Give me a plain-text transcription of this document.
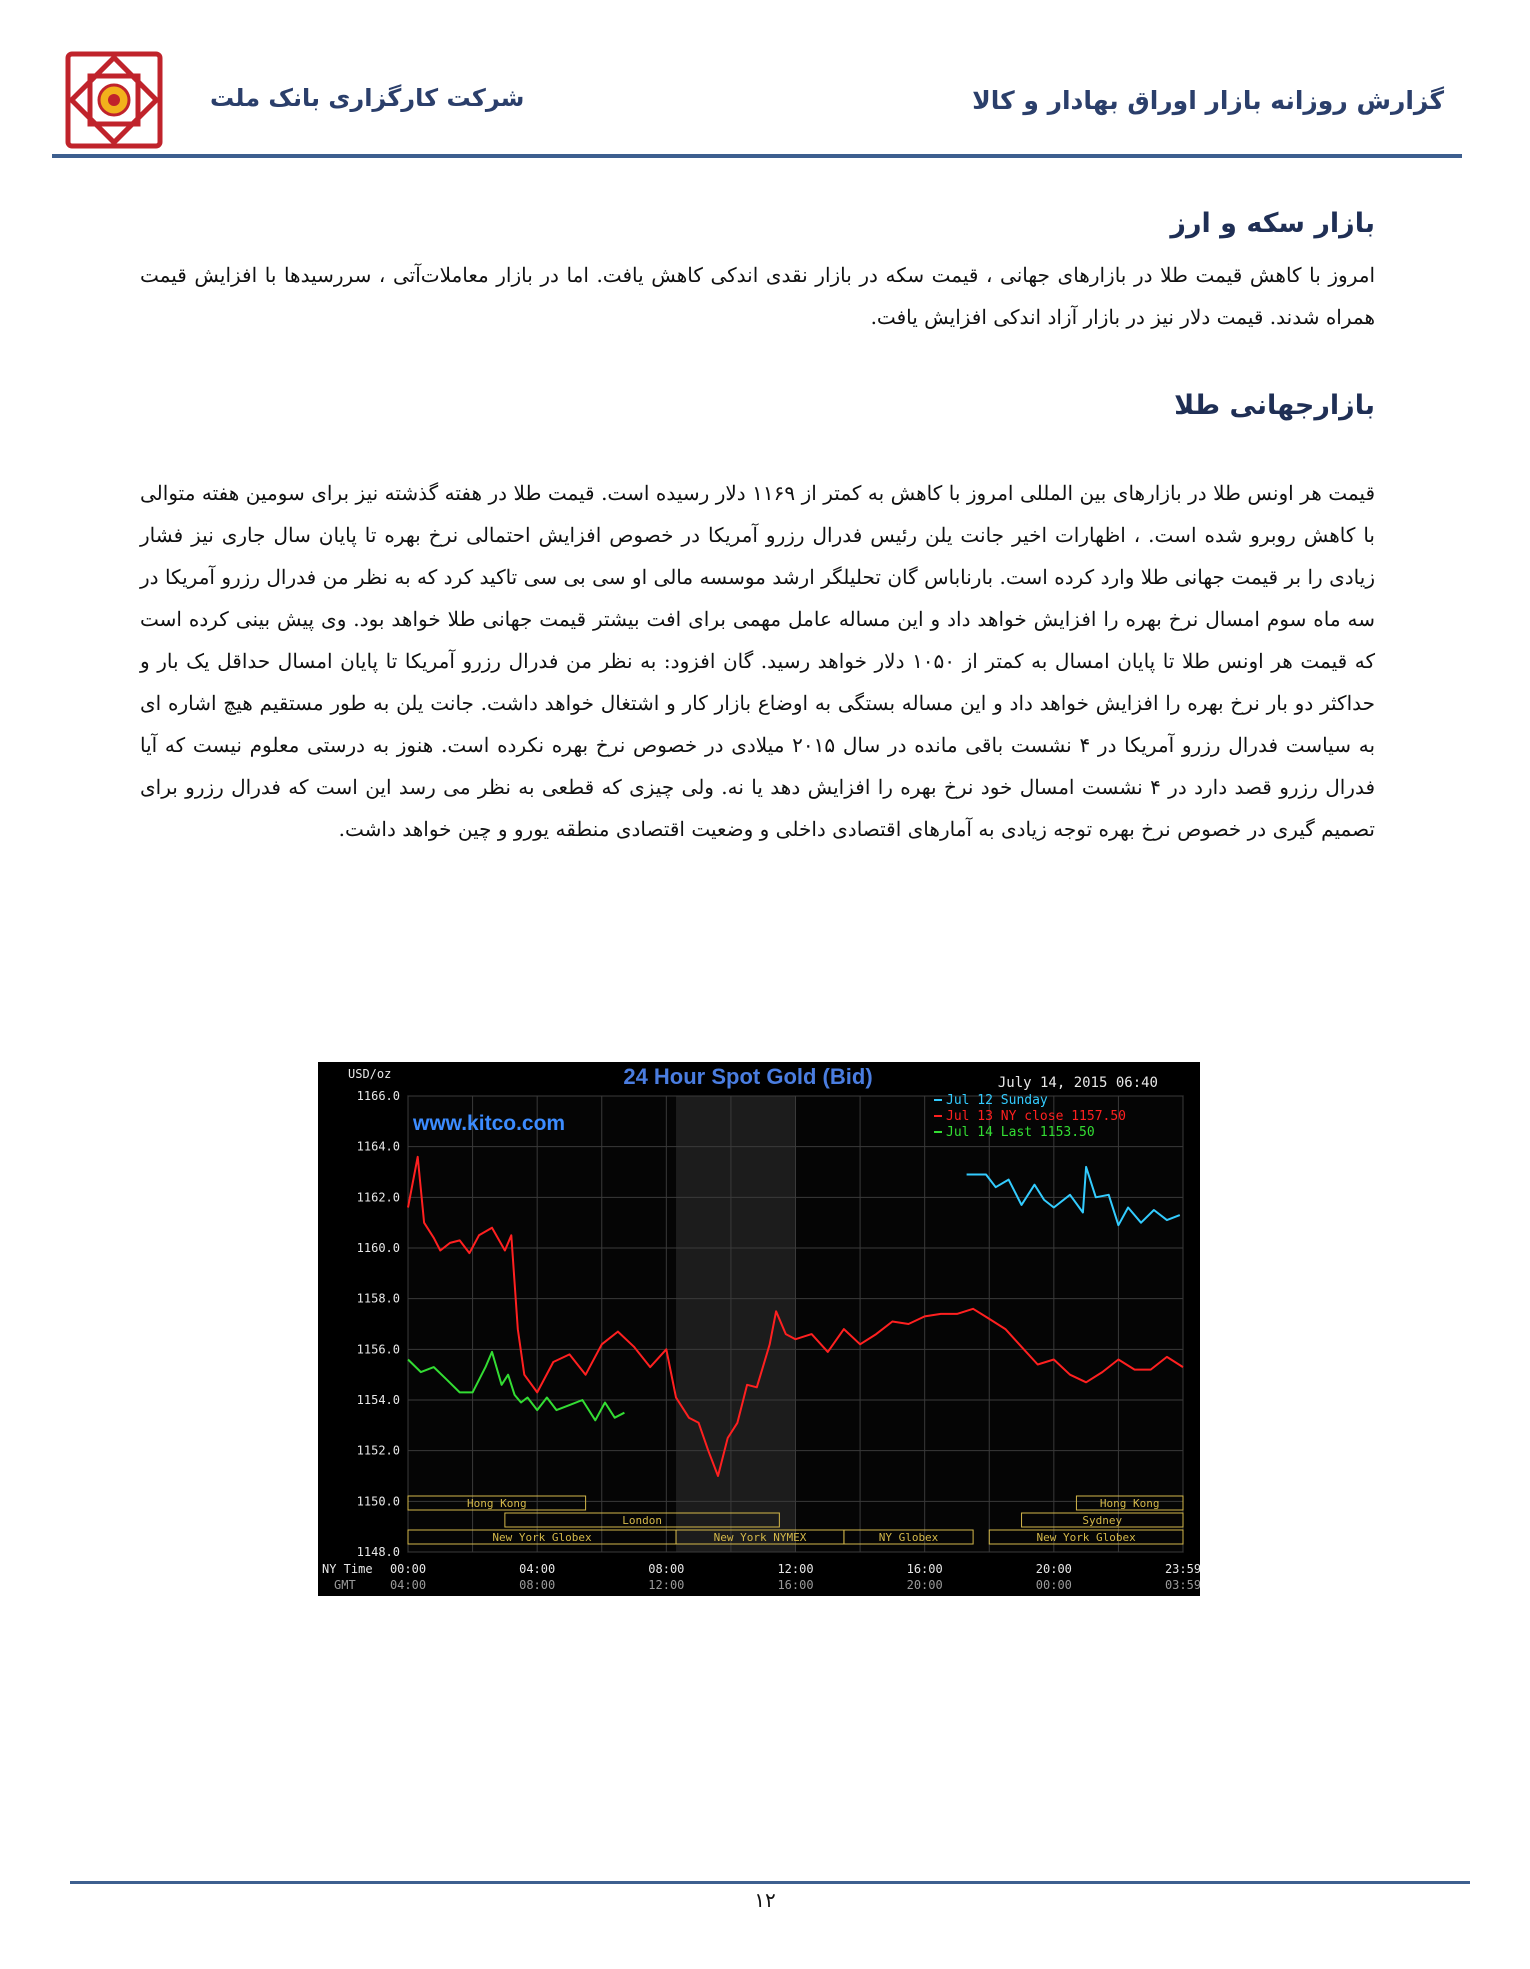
شرکت کارگزاری بانک ملت	گزارش روزانه بازار اوراق بهادار و کالا
بازار سکه و ارز
امروز با کاهش قیمت طلا در بازارهای جهانی ، قیمت سکه در بازار نقدی اندکی کاهش یافت. اما در بازار معاملات‌آتی ، سررسیدها با افزایش قیمت همراه شدند. قیمت دلار نیز در بازار آزاد اندکی افزایش یافت.
بازارجهانی طلا
قیمت هر اونس طلا در بازارهای بین المللی امروز با کاهش به کمتر از ۱۱۶۹ دلار رسیده است. قیمت طلا در هفته گذشته نیز برای سومین هفته متوالی با کاهش روبرو شده است. ، اظهارات اخیر جانت یلن رئیس فدرال رزرو آمریکا در خصوص افزایش احتمالی نرخ بهره تا پایان سال جاری نیز فشار زیادی را بر قیمت جهانی طلا وارد کرده است. بارناباس گان تحلیلگر ارشد موسسه مالی او سی بی سی تاکید کرد که به نظر من فدرال رزرو آمریکا در سه ماه سوم امسال نرخ بهره را افزایش خواهد داد و این مساله عامل مهمی برای افت بیشتر قیمت جهانی طلا خواهد بود. وی پیش بینی کرده است که قیمت هر اونس طلا تا پایان امسال به کمتر از ۱۰۵۰ دلار خواهد رسید. گان افزود: به نظر من فدرال رزرو آمریکا تا پایان امسال حداقل یک بار و حداکثر دو بار نرخ بهره را افزایش خواهد داد و این مساله بستگی به اوضاع بازار کار و اشتغال خواهد داشت. جانت یلن به طور مستقیم هیچ اشاره ای به سیاست فدرال رزرو آمریکا در ۴ نشست باقی مانده در سال ۲۰۱۵ میلادی در خصوص نرخ بهره نکرده است. هنوز به درستی معلوم نیست که آیا فدرال رزرو قصد دارد در ۴ نشست امسال خود نرخ بهره را افزایش دهد یا نه. ولی چیزی که قطعی به نظر می رسد این است که فدرال رزرو برای تصمیم گیری در خصوص نرخ بهره توجه زیادی به آمارهای اقتصادی داخلی و وضعیت اقتصادی منطقه یورو و چین خواهد داشت.
Hong Kong
London
New York Globex	New York NYMEX	NY Globex
Hong Kong
Sydney
New York Globex
24 Hour Spot Gold (Bid)
www.kitco.com
July 14, 2015 06:40
USD/oz
NY Time
GMT
Jul 12 Sunday
Jul 13 NY close 1157.50
Jul 14 Last 1153.50
1166.0
1164.0
1162.0
1160.0
1158.0
1156.0
1154.0
1152.0
1150.0
1148.0
00:00	04:00	08:00	12:00	16:00	20:00	23:59
04:00	08:00	12:00	16:00	20:00	00:00	03:59
۱۲
